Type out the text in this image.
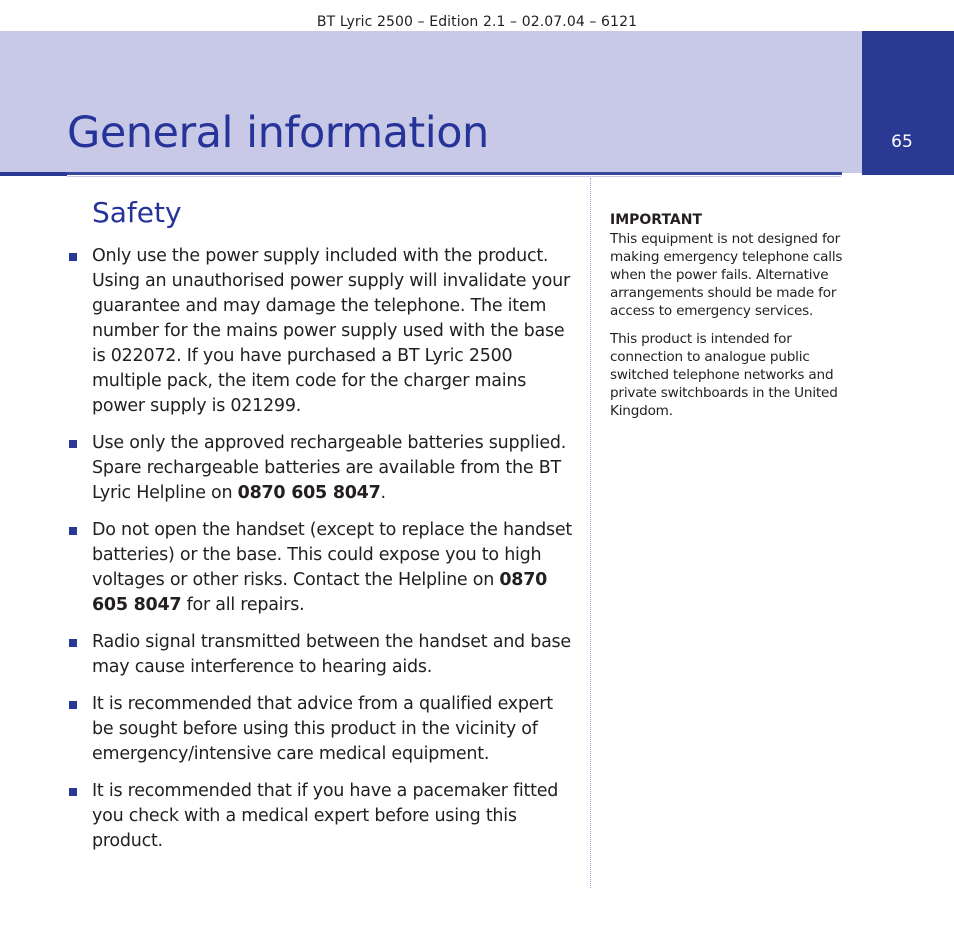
BT Lyric 2500 – Edition 2.1 – 02.07.04 – 6121
General information	65
Safety
Only use the power supply included with the product. Using an unauthorised power supply will invalidate your guarantee and may damage the telephone. The item number for the mains power supply used with the base is 022072. If you have purchased a BT Lyric 2500 multiple pack, the item code for the charger mains power supply is 021299.
Use only the approved rechargeable batteries supplied. Spare rechargeable batteries are available from the BT Lyric Helpline on 0870 605 8047.
Do not open the handset (except to replace the handset batteries) or the base. This could expose you to high voltages or other risks. Contact the Helpline on 0870 605 8047 for all repairs.
Radio signal transmitted between the handset and base may cause interference to hearing aids.
It is recommended that advice from a qualified expert be sought before using this product in the vicinity of emergency/intensive care medical equipment.
It is recommended that if you have a pacemaker fitted you check with a medical expert before using this product.
IMPORTANT

This equipment is not designed for making emergency telephone calls when the power fails. Alternative arrangements should be made for access to emergency services.

This product is intended for connection to analogue public switched telephone networks and private switchboards in the United Kingdom.
